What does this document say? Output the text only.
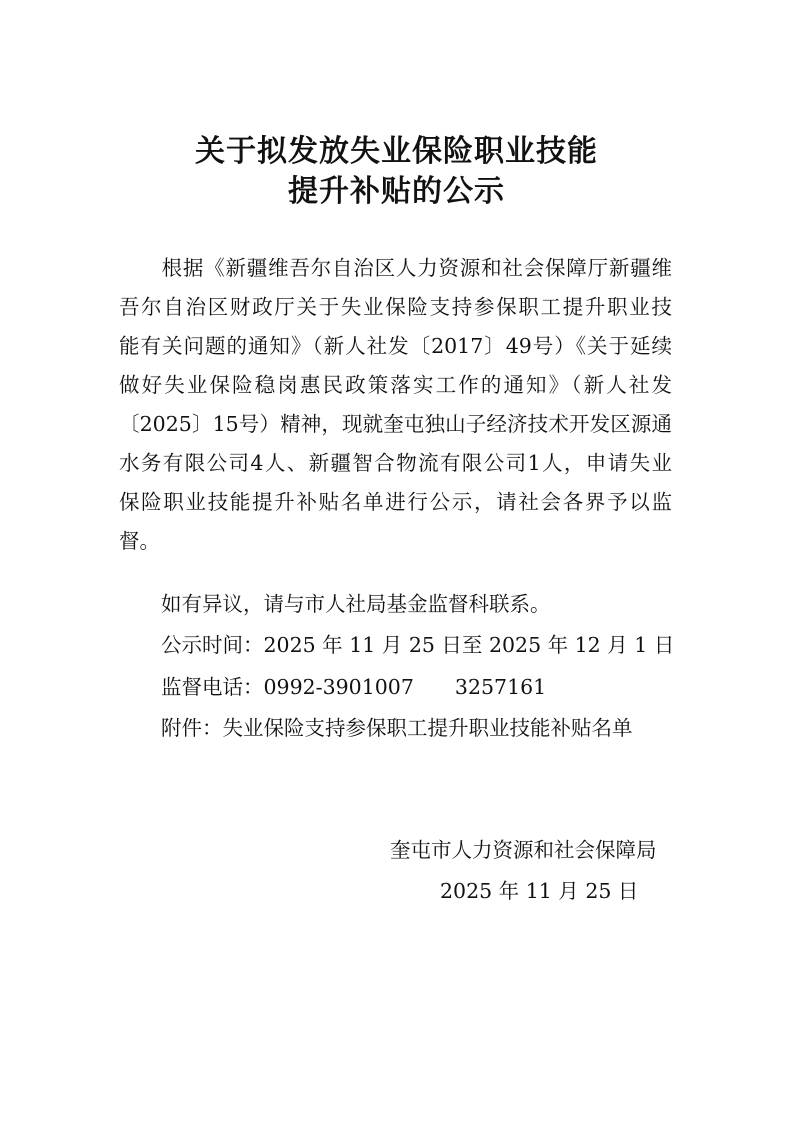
关于拟发放失业保险职业技能
提升补贴的公示
　　根据《新疆维吾尔自治区人力资源和社会保障厅新疆维
吾尔自治区财政厅关于失业保险支持参保职工提升职业技
能有关问题的通知》（新人社发〔2017〕49号）《关于延续
做好失业保险稳岗惠民政策落实工作的通知》（新人社发
〔2025〕15号）精神，现就奎屯独山子经济技术开发区源通
水务有限公司4人、新疆智合物流有限公司1人，申请失业
保险职业技能提升补贴名单进行公示，请社会各界予以监
督。
如有异议，请与市人社局基金监督科联系。
公示时间：2025 年 11 月 25 日至 2025 年 12 月 1 日
监督电话：0992-3901007　　3257161
附件：失业保险支持参保职工提升职业技能补贴名单
奎屯市人力资源和社会保障局
2025 年 11 月 25 日
